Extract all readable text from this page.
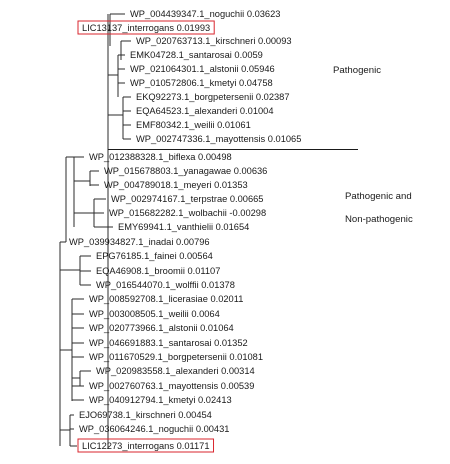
WP_004439347.1_noguchii 0.03623
LIC13137_interrogans 0.01993
WP_020763713.1_kirschneri 0.00093
EMK04728.1_santarosai 0.0059
WP_021064301.1_alstonii 0.05946
WP_010572806.1_kmetyi 0.04758
EKQ92273.1_borgpetersenii 0.02387
EQA64523.1_alexanderi 0.01004
EMF80342.1_weilii 0.01061
WP_002747336.1_mayottensis 0.01065
WP_012388328.1_biflexa 0.00498
WP_015678803.1_yanagawae 0.00636
WP_004789018.1_meyeri 0.01353
WP_002974167.1_terpstrae 0.00665
WP_015682282.1_wolbachii -0.00298
EMY69941.1_vanthielii 0.01654
WP_039934827.1_inadai 0.00796
EPG76185.1_fainei 0.00564
EQA46908.1_broomii 0.01107
WP_016544070.1_wolffii 0.01378
WP_008592708.1_licerasiae 0.02011
WP_003008505.1_weilii 0.0064
WP_020773966.1_alstonii 0.01064
WP_046691883.1_santarosai 0.01352
WP_011670529.1_borgpetersenii 0.01081
WP_020983558.1_alexanderi 0.00314
WP_002760763.1_mayottensis 0.00539
WP_040912794.1_kmetyi 0.02413
EJO69738.1_kirschneri 0.00454
WP_036064246.1_noguchii 0.00431
LIC12273_interrogans 0.01171
Pathogenic
Pathogenic and
Non-pathogenic
